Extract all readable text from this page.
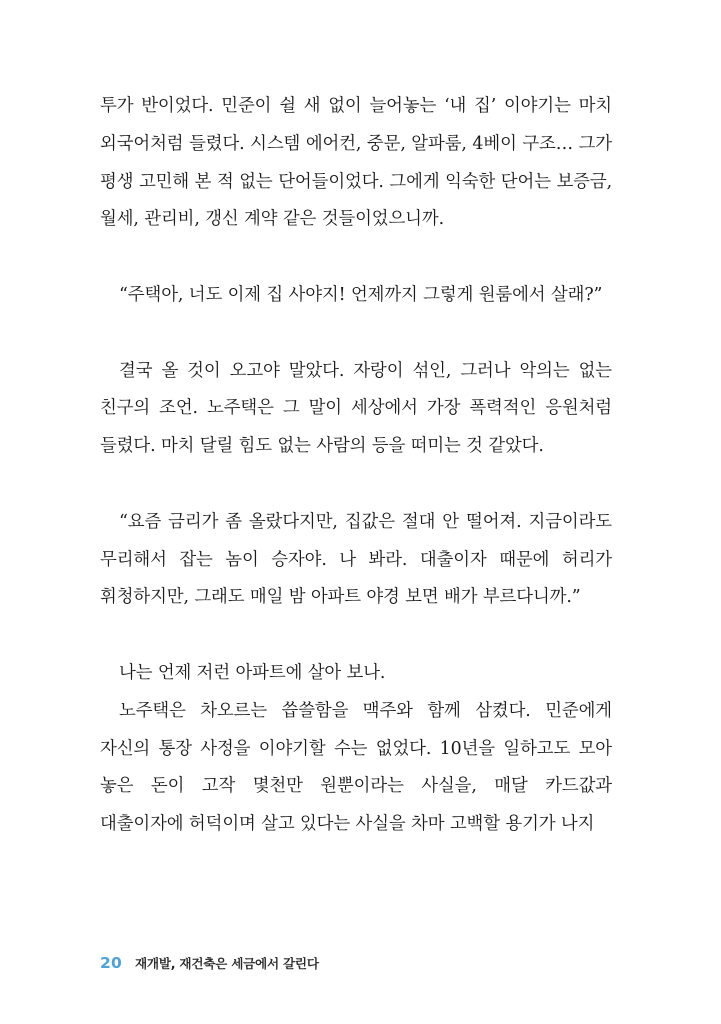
투가 반이었다. 민준이 쉴 새 없이 늘어놓는 ‘내 집’ 이야기는 마치 외국어처럼 들렸다. 시스템 에어컨, 중문, 알파룸, 4베이 구조… 그가 평생 고민해 본 적 없는 단어들이었다. 그에게 익숙한 단어는 보증금, 월세, 관리비, 갱신 계약 같은 것들이었으니까.

“주택아, 너도 이제 집 사야지! 언제까지 그렇게 원룸에서 살래?”

결국 올 것이 오고야 말았다. 자랑이 섞인, 그러나 악의는 없는 친구의 조언. 노주택은 그 말이 세상에서 가장 폭력적인 응원처럼 들렸다. 마치 달릴 힘도 없는 사람의 등을 떠미는 것 같았다.

“요즘 금리가 좀 올랐다지만, 집값은 절대 안 떨어져. 지금이라도 무리해서 잡는 놈이 승자야. 나 봐라. 대출이자 때문에 허리가 휘청하지만, 그래도 매일 밤 아파트 야경 보면 배가 부르다니까.”

나는 언제 저런 아파트에 살아 보나.

노주택은 차오르는 씁쓸함을 맥주와 함께 삼켰다. 민준에게 자신의 통장 사정을 이야기할 수는 없었다. 10년을 일하고도 모아 놓은 돈이 고작 몇천만 원뿐이라는 사실을, 매달 카드값과 대출이자에 허덕이며 살고 있다는 사실을 차마 고백할 용기가 나지

20 재개발, 재건축은 세금에서 갈린다
